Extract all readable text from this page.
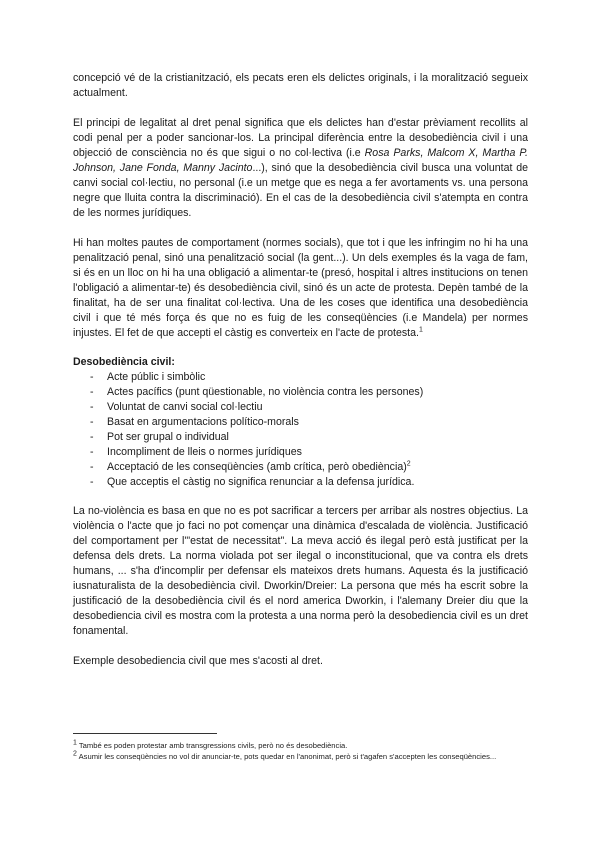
concepció vé de la cristianització, els pecats eren els delictes originals, i la moralització segueix actualment.

El principi de legalitat al dret penal significa que els delictes han d'estar prèviament recollits al codi penal per a poder sancionar-los. La principal diferència entre la desobediència civil i una objecció de consciència no és que sigui o no col·lectiva (i.e Rosa Parks, Malcom X, Martha P. Johnson, Jane Fonda, Manny Jacinto...), sinó que la desobediència civil busca una voluntat de canvi social col·lectiu, no personal (i.e un metge que es nega a fer avortaments vs. una persona negre que lluita contra la discriminació). En el cas de la desobediència civil s'atempta en contra de les normes jurídiques.

Hi han moltes pautes de comportament (normes socials), que tot i que les infringim no hi ha una penalització penal, sinó una penalització social (la gent...). Un dels exemples és la vaga de fam, si és en un lloc on hi ha una obligació a alimentar-te (presó, hospital i altres institucions on tenen l'obligació a alimentar-te) és desobediència civil, sinó és un acte de protesta. Depèn també de la finalitat, ha de ser una finalitat col·lectiva. Una de les coses que identifica una desobediència civil i que té més força és que no es fuig de les conseqüències (i.e Mandela) per normes injustes. El fet de que accepti el càstig es converteix en l'acte de protesta.$^1$

Desobediència civil:
- Acte públic i simbòlic
- Actes pacífics (punt qüestionable, no violència contra les persones)
- Voluntat de canvi social col·lectiu
- Basat en argumentacions político-morals
- Pot ser grupal o individual
- Incompliment de lleis o normes jurídiques
- Acceptació de les conseqüències (amb crítica, però obediència)$^2$
- Que acceptis el càstig no significa renunciar a la defensa jurídica.

La no-violència es basa en que no es pot sacrificar a tercers per arribar als nostres objectius. La violència o l'acte que jo faci no pot començar una dinàmica d'escalada de violència. Justificació del comportament per l'"estat de necessitat". La meva acció és ilegal però està justificat per la defensa dels drets. La norma violada pot ser ilegal o inconstitucional, que va contra els drets humans, ... s'ha d'incomplir per defensar els mateixos drets humans. Aquesta és la justificació iusnaturalista de la desobediència civil. Dworkin/Dreier: La persona que més ha escrit sobre la justificació de la desobediència civil és el nord america Dworkin, i l'alemany Dreier diu que la desobediencia civil es mostra com la protesta a una norma però la desobediencia civil es un dret fonamental.

Exemple desobediencia civil que mes s'acosti al dret.

$^1$ També es poden protestar amb transgressions civils, però no és desobediència.

$^2$ Asumir les conseqüències no vol dir anunciar-te, pots quedar en l'anonimat, però si t'agafen s'accepten les conseqüències...
